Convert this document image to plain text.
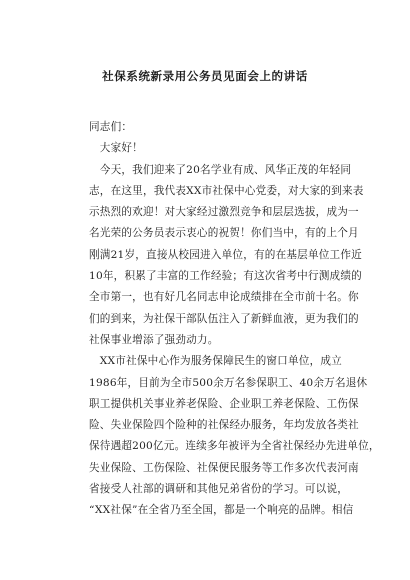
社保系统新录用公务员见面会上的讲话

同志们：

　大家好！

　今天，我们迎来了20名学业有成、风华正茂的年轻同

志，在这里，我代表XX市社保中心党委，对大家的到来表

示热烈的欢迎！对大家经过激烈竞争和层层选拔，成为一

名光荣的公务员表示衷心的祝贺！你们当中，有的上个月

刚满21岁，直接从校园进入单位，有的在基层单位工作近

10年，积累了丰富的工作经验；有这次省考中行测成绩的

全市第一，也有好几名同志申论成绩排在全市前十名。你

们的到来，为社保干部队伍注入了新鲜血液，更为我们的

社保事业增添了强劲动力。

　XX市社保中心作为服务保障民生的窗口单位，成立

1986年，目前为全市500余万名参保职工、40余万名退休

职工提供机关事业养老保险、企业职工养老保险、工伤保

险、失业保险四个险种的社保经办服务，年均发放各类社

保待遇超200亿元。连续多年被评为全省社保经办先进单位，

失业保险、工伤保险、社保便民服务等工作多次代表河南

省接受人社部的调研和其他兄弟省份的学习。可以说，

“XX社保”在全省乃至全国，都是一个响亮的品牌。相信
